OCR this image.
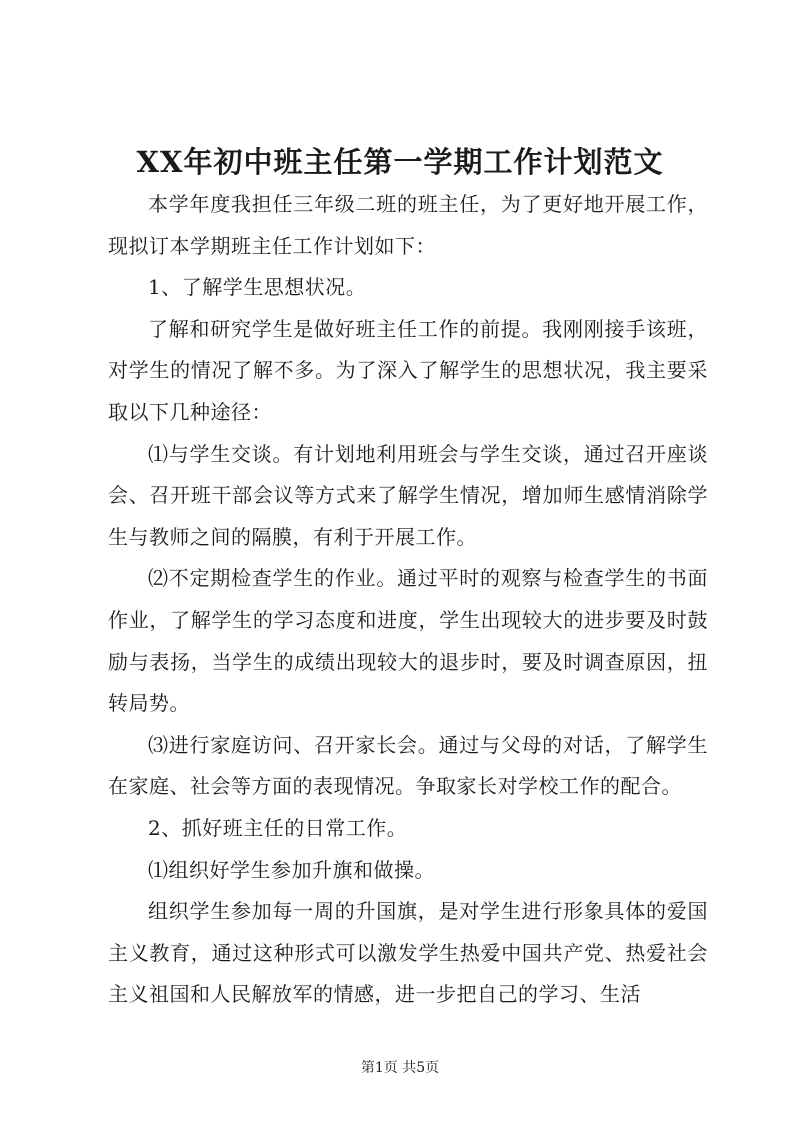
XX年初中班主任第一学期工作计划范文

本学年度我担任三年级二班的班主任，为了更好地开展工作，现拟订本学期班主任工作计划如下：

1、了解学生思想状况。

了解和研究学生是做好班主任工作的前提。我刚刚接手该班，对学生的情况了解不多。为了深入了解学生的思想状况，我主要采取以下几种途径：

⑴与学生交谈。有计划地利用班会与学生交谈，通过召开座谈会、召开班干部会议等方式来了解学生情况，增加师生感情消除学生与教师之间的隔膜，有利于开展工作。

⑵不定期检查学生的作业。通过平时的观察与检查学生的书面作业，了解学生的学习态度和进度，学生出现较大的进步要及时鼓励与表扬，当学生的成绩出现较大的退步时，要及时调查原因，扭转局势。

⑶进行家庭访问、召开家长会。通过与父母的对话，了解学生在家庭、社会等方面的表现情况。争取家长对学校工作的配合。

2、抓好班主任的日常工作。

⑴组织好学生参加升旗和做操。

组织学生参加每一周的升国旗，是对学生进行形象具体的爱国主义教育，通过这种形式可以激发学生热爱中国共产党、热爱社会主义祖国和人民解放军的情感，进一步把自己的学习、生活

第1页 共5页
